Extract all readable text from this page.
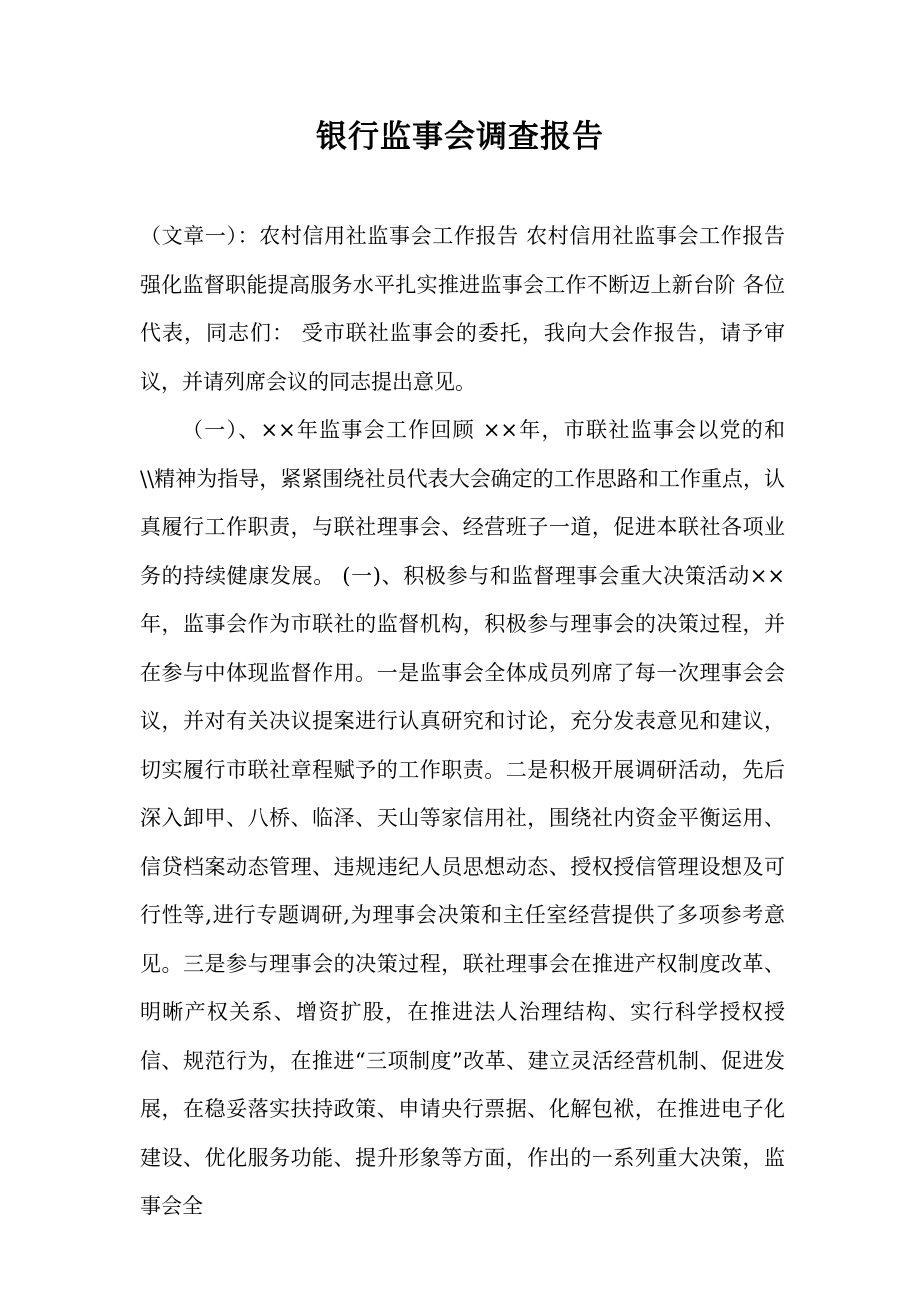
银行监事会调查报告

（文章一）：农村信用社监事会工作报告 农村信用社监事会工作报告 强化监督职能提高服务水平扎实推进监事会工作不断迈上新台阶 各位代表，同志们： 受市联社监事会的委托，我向大会作报告，请予审议，并请列席会议的同志提出意见。

（一）、××年监事会工作回顾 ××年，市联社监事会以党的和\\精神为指导，紧紧围绕社员代表大会确定的工作思路和工作重点，认真履行工作职责，与联社理事会、经营班子一道，促进本联社各项业务的持续健康发展。 (一)、积极参与和监督理事会重大决策活动××年，监事会作为市联社的监督机构，积极参与理事会的决策过程，并在参与中体现监督作用。一是监事会全体成员列席了每一次理事会会议，并对有关决议提案进行认真研究和讨论，充分发表意见和建议，切实履行市联社章程赋予的工作职责。二是积极开展调研活动，先后深入卸甲、八桥、临泽、天山等家信用社，围绕社内资金平衡运用、信贷档案动态管理、违规违纪人员思想动态、授权授信管理设想及可行性等,进行专题调研,为理事会决策和主任室经营提供了多项参考意见。三是参与理事会的决策过程，联社理事会在推进产权制度改革、明晰产权关系、增资扩股，在推进法人治理结构、实行科学授权授信、规范行为，在推进“三项制度”改革、建立灵活经营机制、促进发展，在稳妥落实扶持政策、申请央行票据、化解包袱，在推进电子化建设、优化服务功能、提升形象等方面，作出的一系列重大决策，监事会全
